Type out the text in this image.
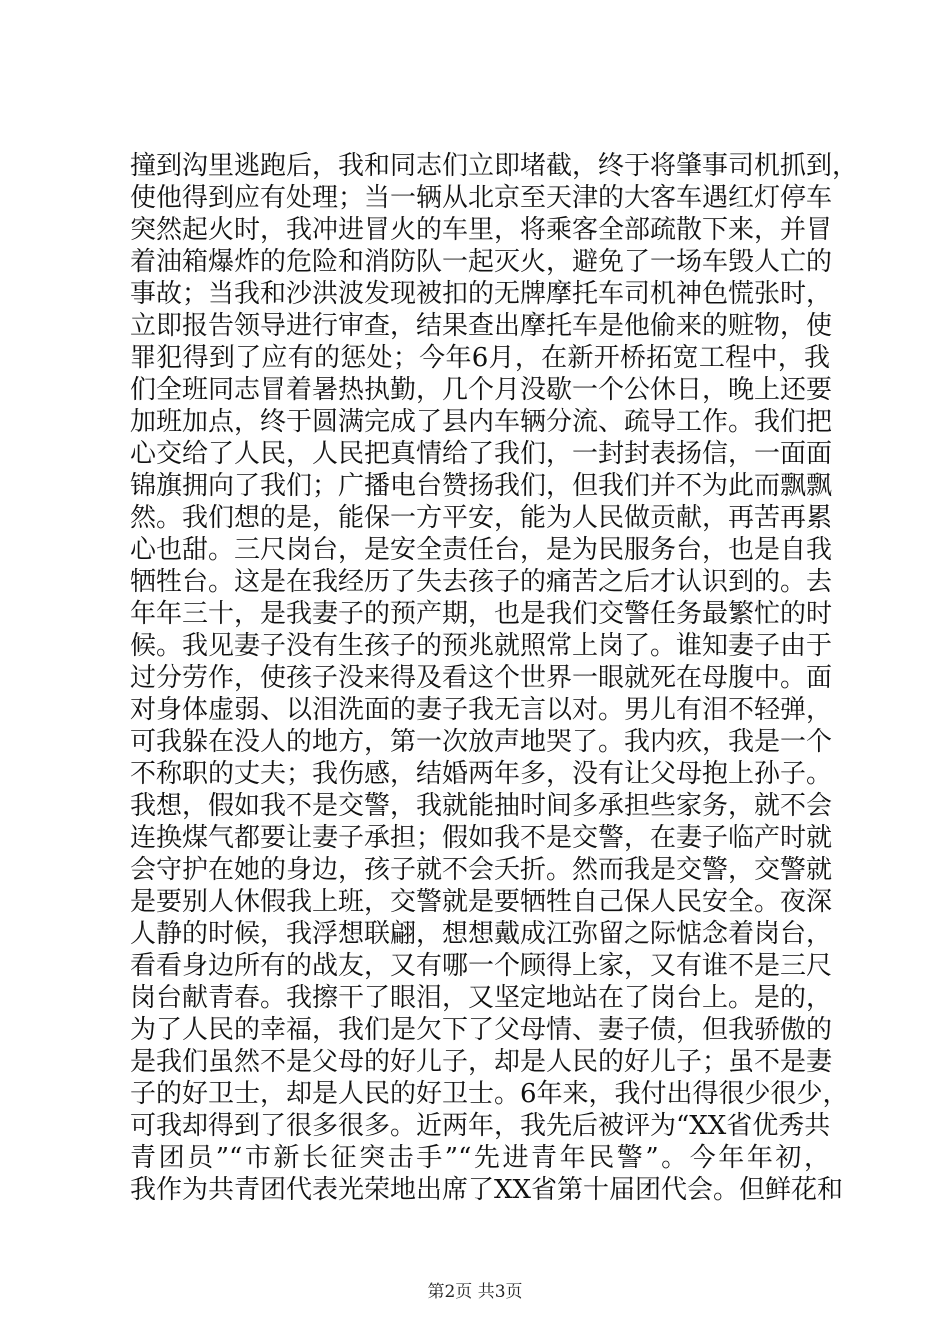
撞到沟里逃跑后，我和同志们立即堵截，终于将肇事司机抓到，
使他得到应有处理；当一辆从北京至天津的大客车遇红灯停车
突然起火时，我冲进冒火的车里，将乘客全部疏散下来，并冒
着油箱爆炸的危险和消防队一起灭火，避免了一场车毁人亡的
事故；当我和沙洪波发现被扣的无牌摩托车司机神色慌张时，
立即报告领导进行审查，结果查出摩托车是他偷来的赃物，使
罪犯得到了应有的惩处；今年6月，在新开桥拓宽工程中，我
们全班同志冒着暑热执勤，几个月没歇一个公休日，晚上还要
加班加点，终于圆满完成了县内车辆分流、疏导工作。我们把
心交给了人民，人民把真情给了我们，一封封表扬信，一面面
锦旗拥向了我们；广播电台赞扬我们，但我们并不为此而飘飘
然。我们想的是，能保一方平安，能为人民做贡献，再苦再累
心也甜。三尺岗台，是安全责任台，是为民服务台，也是自我
牺牲台。这是在我经历了失去孩子的痛苦之后才认识到的。去
年年三十，是我妻子的预产期，也是我们交警任务最繁忙的时
候。我见妻子没有生孩子的预兆就照常上岗了。谁知妻子由于
过分劳作，使孩子没来得及看这个世界一眼就死在母腹中。面
对身体虚弱、以泪洗面的妻子我无言以对。男儿有泪不轻弹，
可我躲在没人的地方，第一次放声地哭了。我内疚，我是一个
不称职的丈夫；我伤感，结婚两年多，没有让父母抱上孙子。
我想，假如我不是交警，我就能抽时间多承担些家务，就不会
连换煤气都要让妻子承担；假如我不是交警，在妻子临产时就
会守护在她的身边，孩子就不会夭折。然而我是交警，交警就
是要别人休假我上班，交警就是要牺牲自己保人民安全。夜深
人静的时候，我浮想联翩，想想戴成江弥留之际惦念着岗台，
看看身边所有的战友，又有哪一个顾得上家，又有谁不是三尺
岗台献青春。我擦干了眼泪，又坚定地站在了岗台上。是的，
为了人民的幸福，我们是欠下了父母情、妻子债，但我骄傲的
是我们虽然不是父母的好儿子，却是人民的好儿子；虽不是妻
子的好卫士，却是人民的好卫士。6年来，我付出得很少很少，
可我却得到了很多很多。近两年，我先后被评为“XX省优秀共
青团员”“市新长征突击手”“先进青年民警”。今年年初，
我作为共青团代表光荣地出席了XX省第十届团代会。但鲜花和
第2页 共3页
